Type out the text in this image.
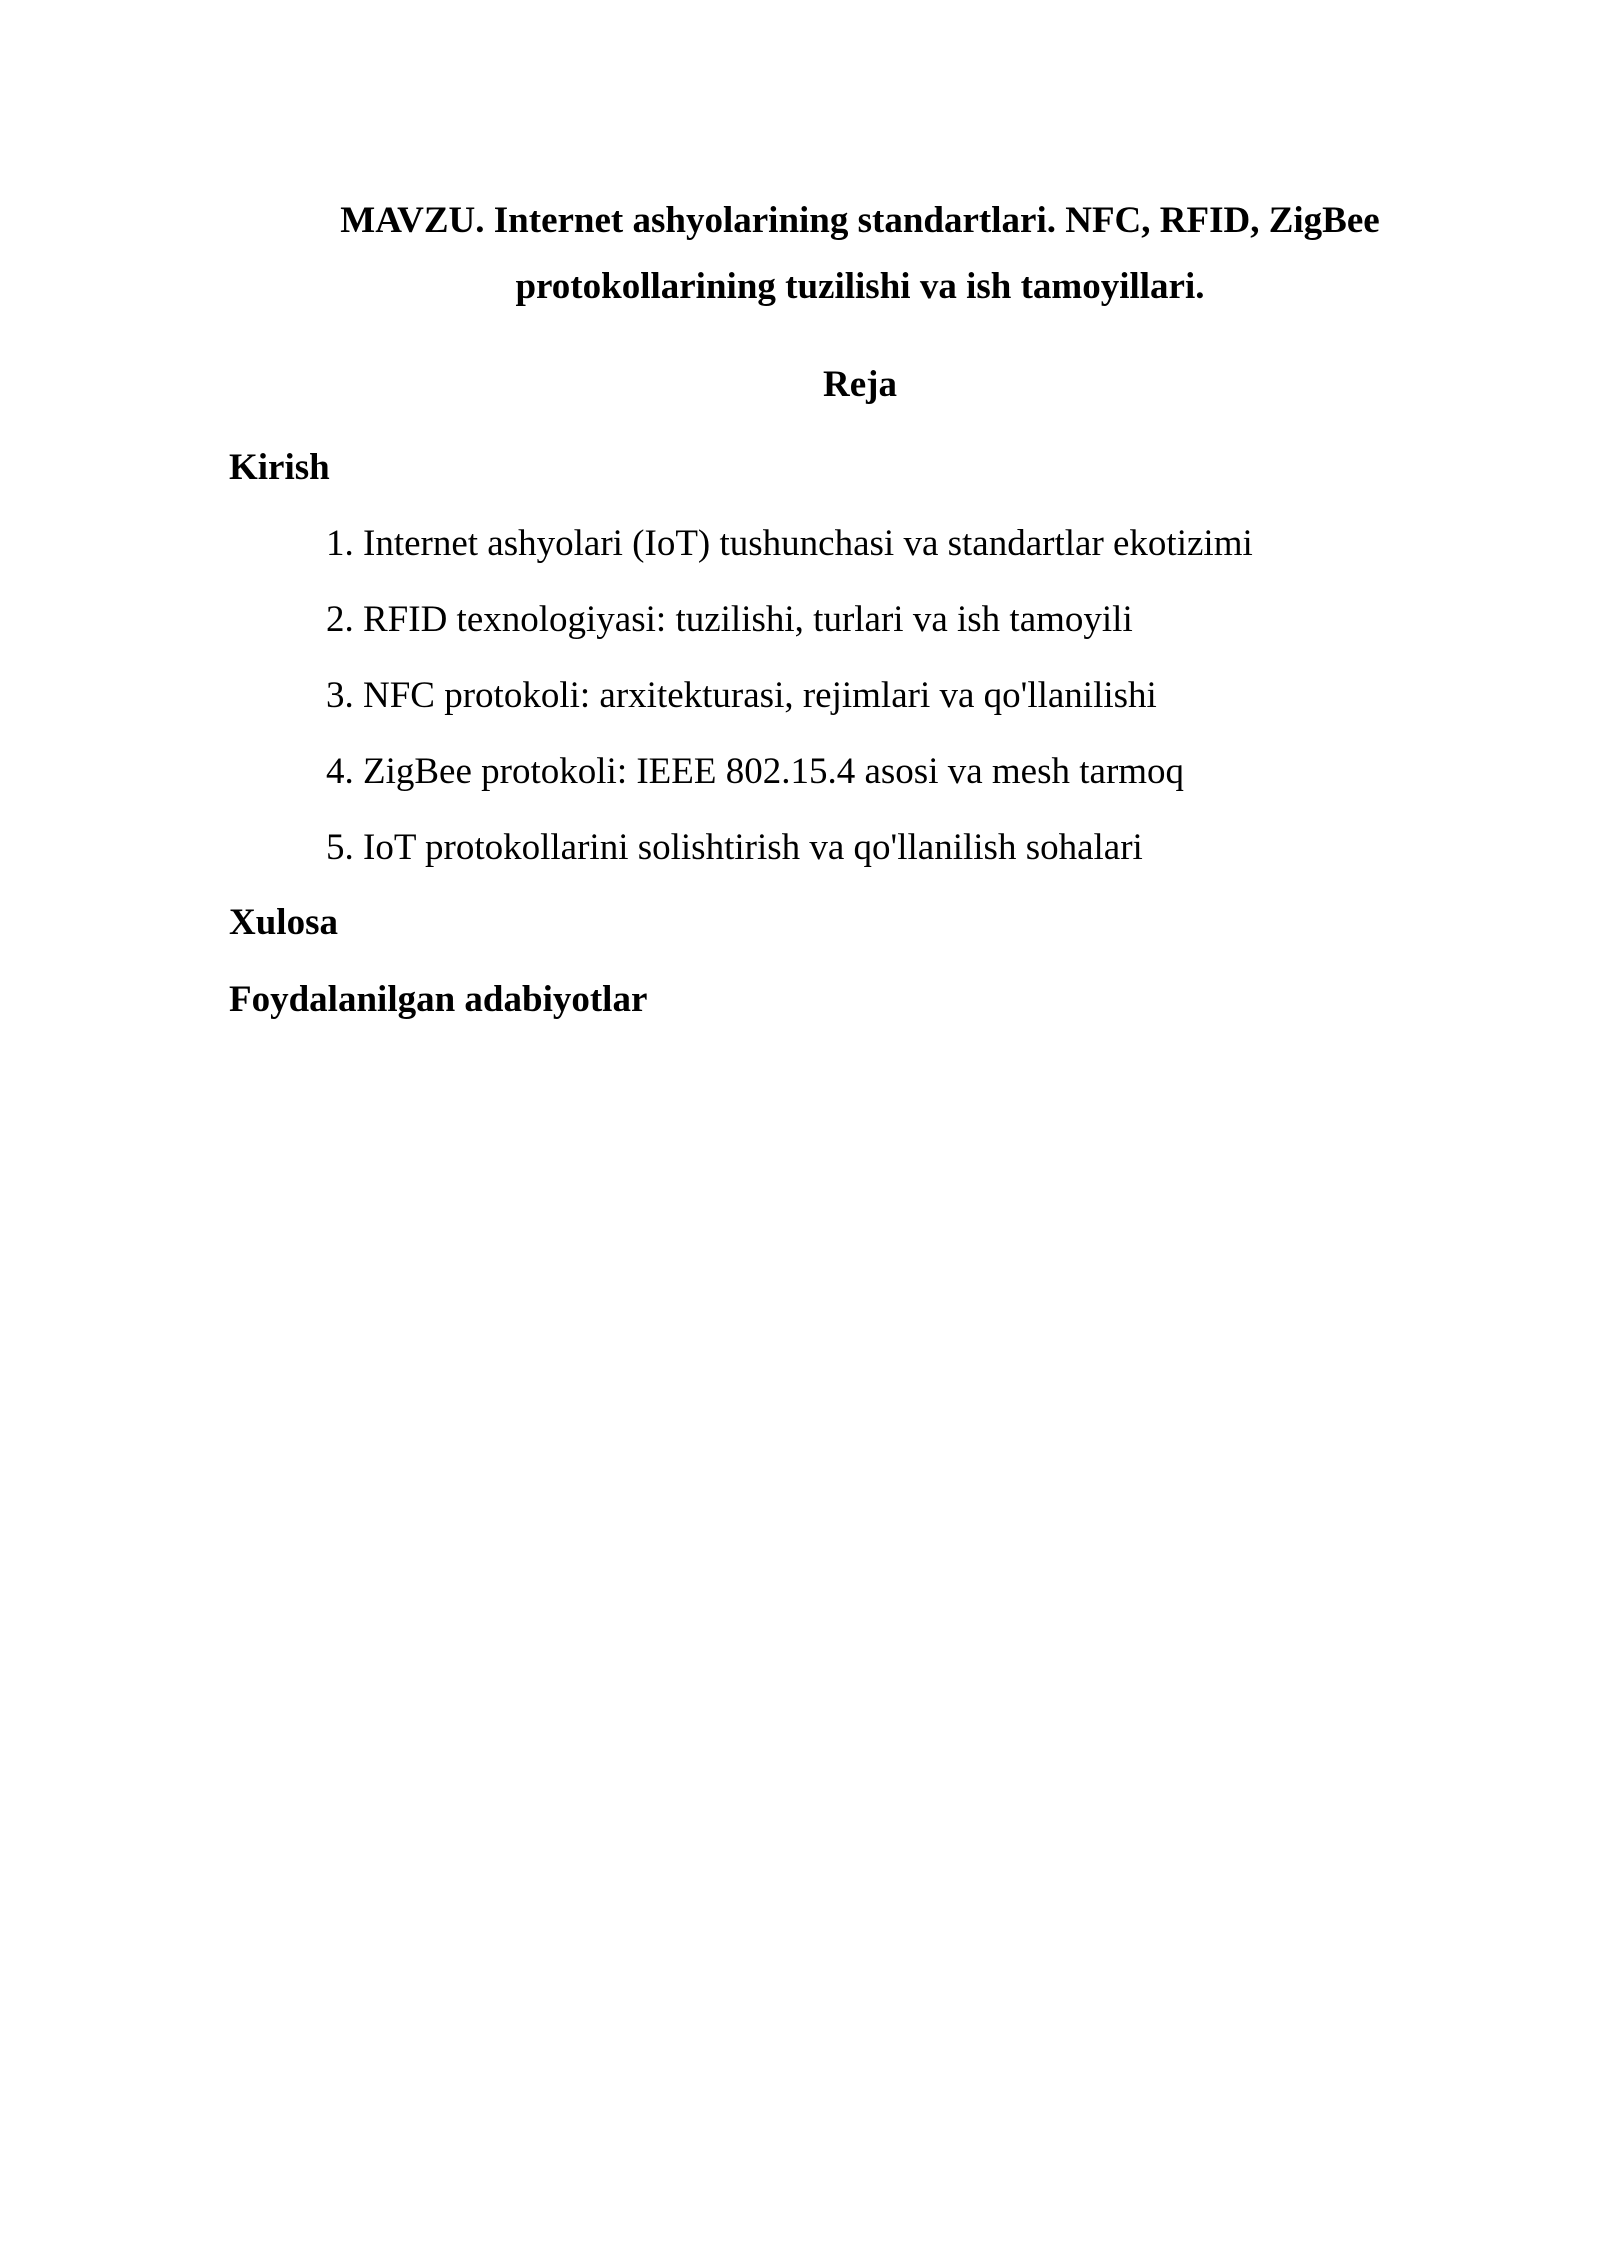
MAVZU. Internet ashyolarining standartlari. NFC, RFID, ZigBee
protokollarining tuzilishi va ish tamoyillari.
Reja
Kirish
1. Internet ashyolari (IoT) tushunchasi va standartlar ekotizimi
2. RFID texnologiyasi: tuzilishi, turlari va ish tamoyili
3. NFC protokoli: arxitekturasi, rejimlari va qo'llanilishi
4. ZigBee protokoli: IEEE 802.15.4 asosi va mesh tarmoq
5. IoT protokollarini solishtirish va qo'llanilish sohalari
Xulosa
Foydalanilgan adabiyotlar
